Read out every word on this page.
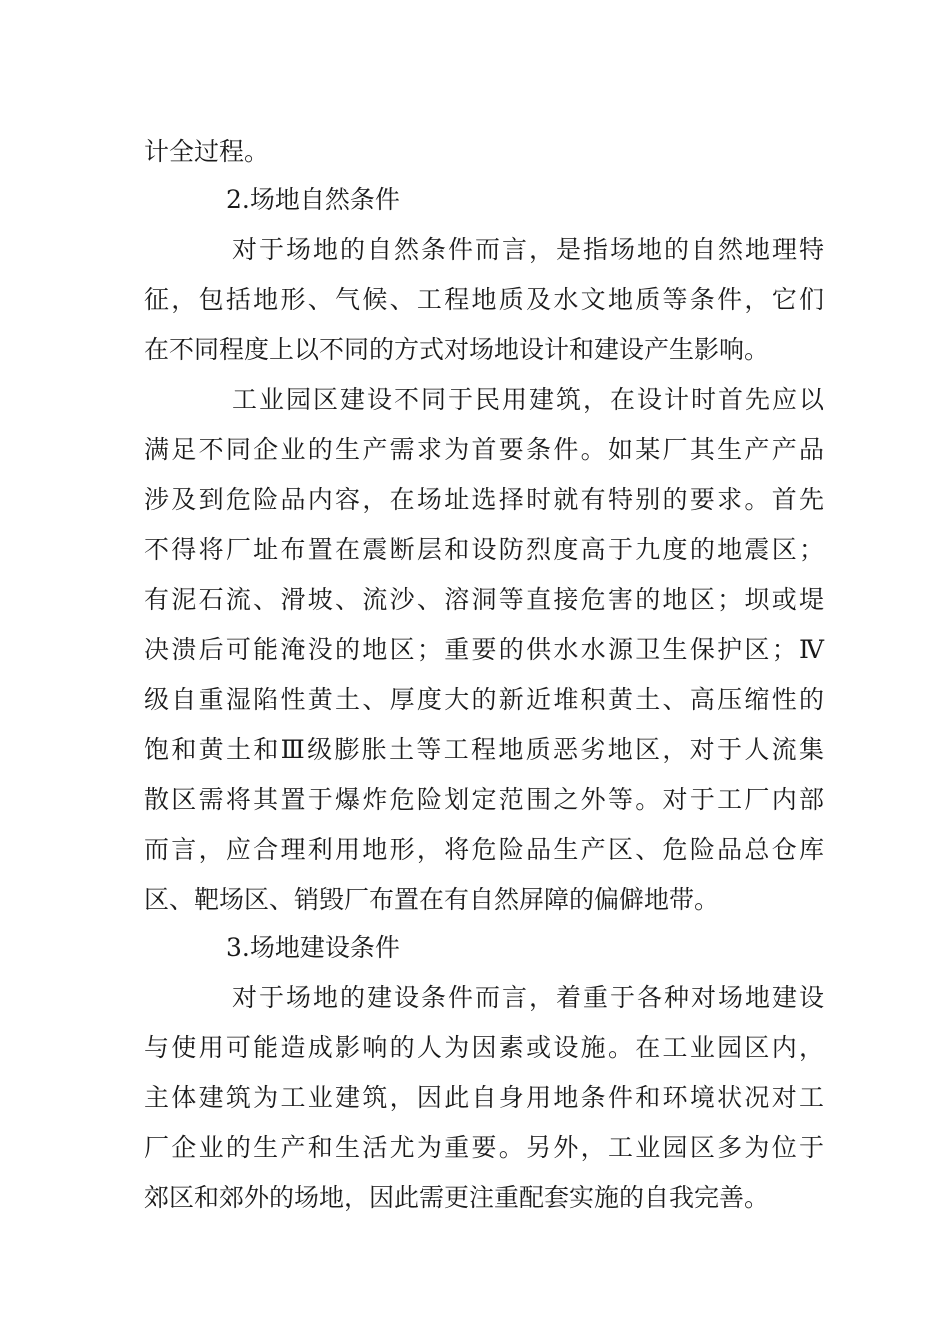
计全过程。
2.场地自然条件
对于场地的自然条件而言，是指场地的自然地理特
征，包括地形、气候、工程地质及水文地质等条件，它们
在不同程度上以不同的方式对场地设计和建设产生影响。
工业园区建设不同于民用建筑，在设计时首先应以
满足不同企业的生产需求为首要条件。如某厂其生产产品
涉及到危险品内容，在场址选择时就有特别的要求。首先
不得将厂址布置在震断层和设防烈度高于九度的地震区；
有泥石流、滑坡、流沙、溶洞等直接危害的地区；坝或堤
决溃后可能淹没的地区；重要的供水水源卫生保护区；Ⅳ
级自重湿陷性黄土、厚度大的新近堆积黄土、高压缩性的
饱和黄土和Ⅲ级膨胀土等工程地质恶劣地区，对于人流集
散区需将其置于爆炸危险划定范围之外等。对于工厂内部
而言，应合理利用地形，将危险品生产区、危险品总仓库
区、靶场区、销毁厂布置在有自然屏障的偏僻地带。
3.场地建设条件
对于场地的建设条件而言，着重于各种对场地建设
与使用可能造成影响的人为因素或设施。在工业园区内，
主体建筑为工业建筑，因此自身用地条件和环境状况对工
厂企业的生产和生活尤为重要。另外，工业园区多为位于
郊区和郊外的场地，因此需更注重配套实施的自我完善。
